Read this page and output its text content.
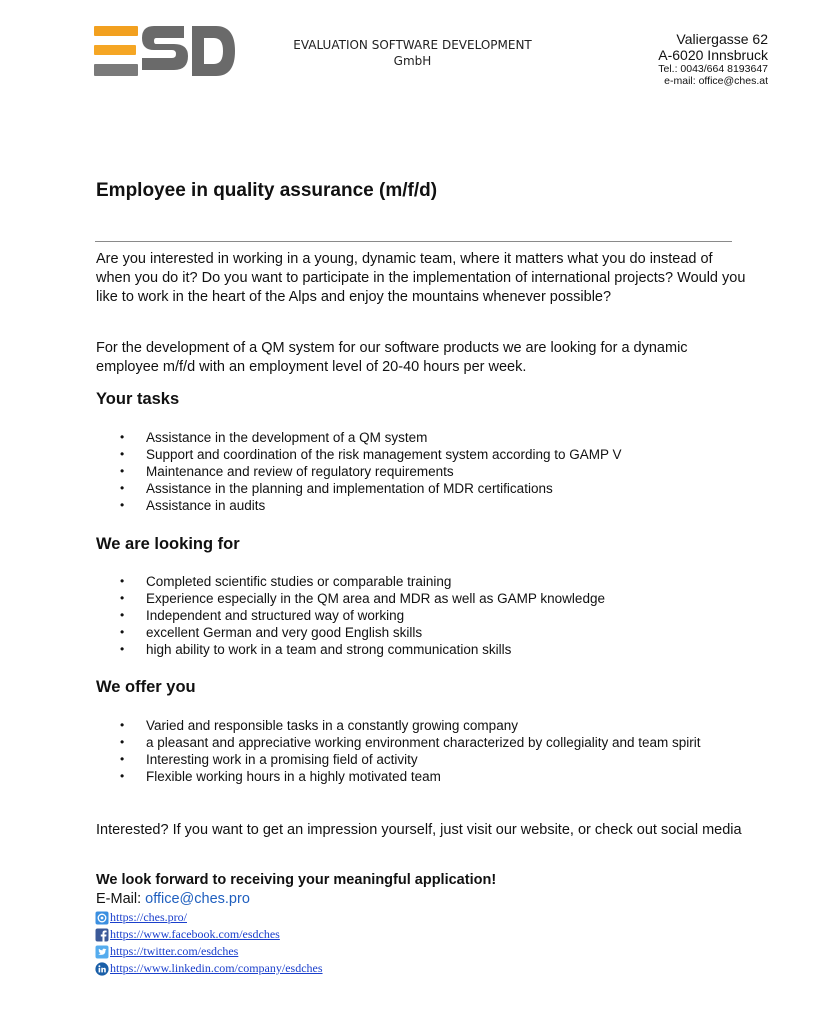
EVALUATION SOFTWARE DEVELOPMENT
GmbH
Valiergasse 62
A-6020 Innsbruck
Tel.: 0043/664 8193647
e-mail: office@ches.at
Employee in quality assurance (m/f/d)
Are you interested in working in a young, dynamic team, where it matters what you do instead of when you do it? Do you want to participate in the implementation of international projects? Would you like to work in the heart of the Alps and enjoy the mountains whenever possible?
For the development of a QM system for our software products we are looking for a dynamic employee m/f/d with an employment level of 20-40 hours per week.
Your tasks
• Assistance in the development of a QM system
• Support and coordination of the risk management system according to GAMP V
• Maintenance and review of regulatory requirements
• Assistance in the planning and implementation of MDR certifications
• Assistance in audits
We are looking for
• Completed scientific studies or comparable training
• Experience especially in the QM area and MDR as well as GAMP knowledge
• Independent and structured way of working
• excellent German and very good English skills
• high ability to work in a team and strong communication skills
We offer you
• Varied and responsible tasks in a constantly growing company
• a pleasant and appreciative working environment characterized by collegiality and team spirit
• Interesting work in a promising field of activity
• Flexible working hours in a highly motivated team
Interested? If you want to get an impression yourself, just visit our website, or check out social media
We look forward to receiving your meaningful application!
E-Mail: office@ches.pro
https://ches.pro/
https://www.facebook.com/esdches
https://twitter.com/esdches
https://www.linkedin.com/company/esdches
